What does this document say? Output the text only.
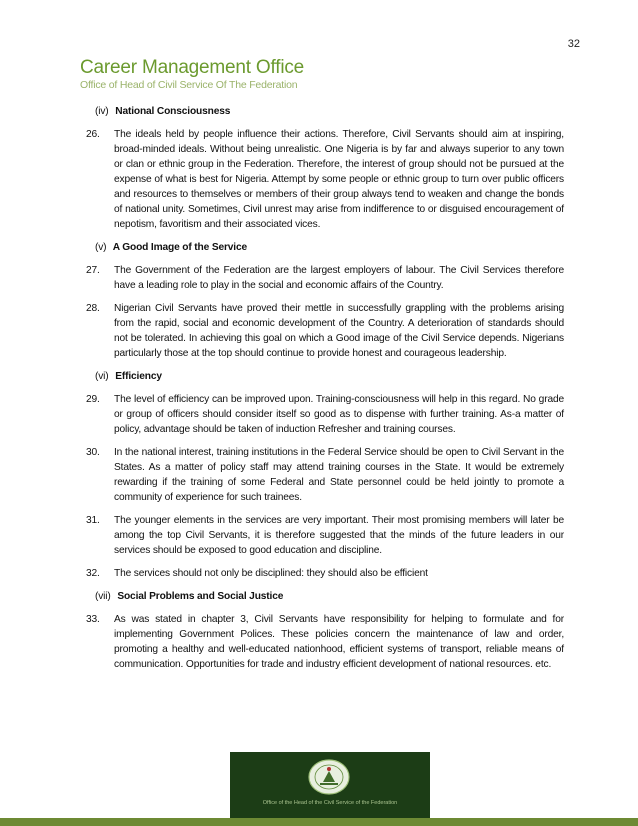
32
Career Management Office
Office of Head of Civil Service Of The Federation
(iv) National Consciousness
26.	The ideals held by people influence their actions. Therefore, Civil Servants should aim at inspiring, broad-minded ideals. Without being unrealistic. One Nigeria is by far and always superior to any town or clan or ethnic group in the Federation. Therefore, the interest of group should not be pursued at the expense of what is best for Nigeria. Attempt by some people or ethnic group to turn over public officers and resources to themselves or members of their group always tend to weaken and change the bonds of national unity. Sometimes, Civil unrest may arise from indifference to or disguised encouragement of nepotism, favoritism and their associated vices.
(v) A Good Image of the Service
27.	The Government of the Federation are the largest employers of labour. The Civil Services therefore have a leading role to play in the social and economic affairs of the Country.
28.	Nigerian Civil Servants have proved their mettle in successfully grappling with the problems arising from the rapid, social and economic development of the Country. A deterioration of standards should not be tolerated. In achieving this goal on which a Good image of the Civil Service depends. Nigerians particularly those at the top should continue to provide honest and courageous leadership.
(vi) Efficiency
29.	The level of efficiency can be improved upon. Training-consciousness will help in this regard. No grade or group of officers should consider itself so good as to dispense with further training. As-a matter of policy, advantage should be taken of induction Refresher and training courses.
30.	In the national interest, training institutions in the Federal Service should be open to Civil Servant in the States. As a matter of policy staff may attend training courses in the State. It would be extremely rewarding if the training of some Federal and State personnel could be held jointly to promote a community of experience for such trainees.
31.	The younger elements in the services are very important. Their most promising members will later be among the top Civil Servants, it is therefore suggested that the minds of the future leaders in our services should be exposed to good education and discipline.
32.	The services should not only be disciplined: they should also be efficient
(vii) Social Problems and Social Justice
33.	As was stated in chapter 3, Civil Servants have responsibility for helping to formulate and for implementing Government Polices. These policies concern the maintenance of law and order, promoting a healthy and well-educated nationhood, efficient systems of transport, reliable means of communication. Opportunities for trade and industry efficient development of national resources. etc.
Office of the Head of the Civil Service of the Federation
